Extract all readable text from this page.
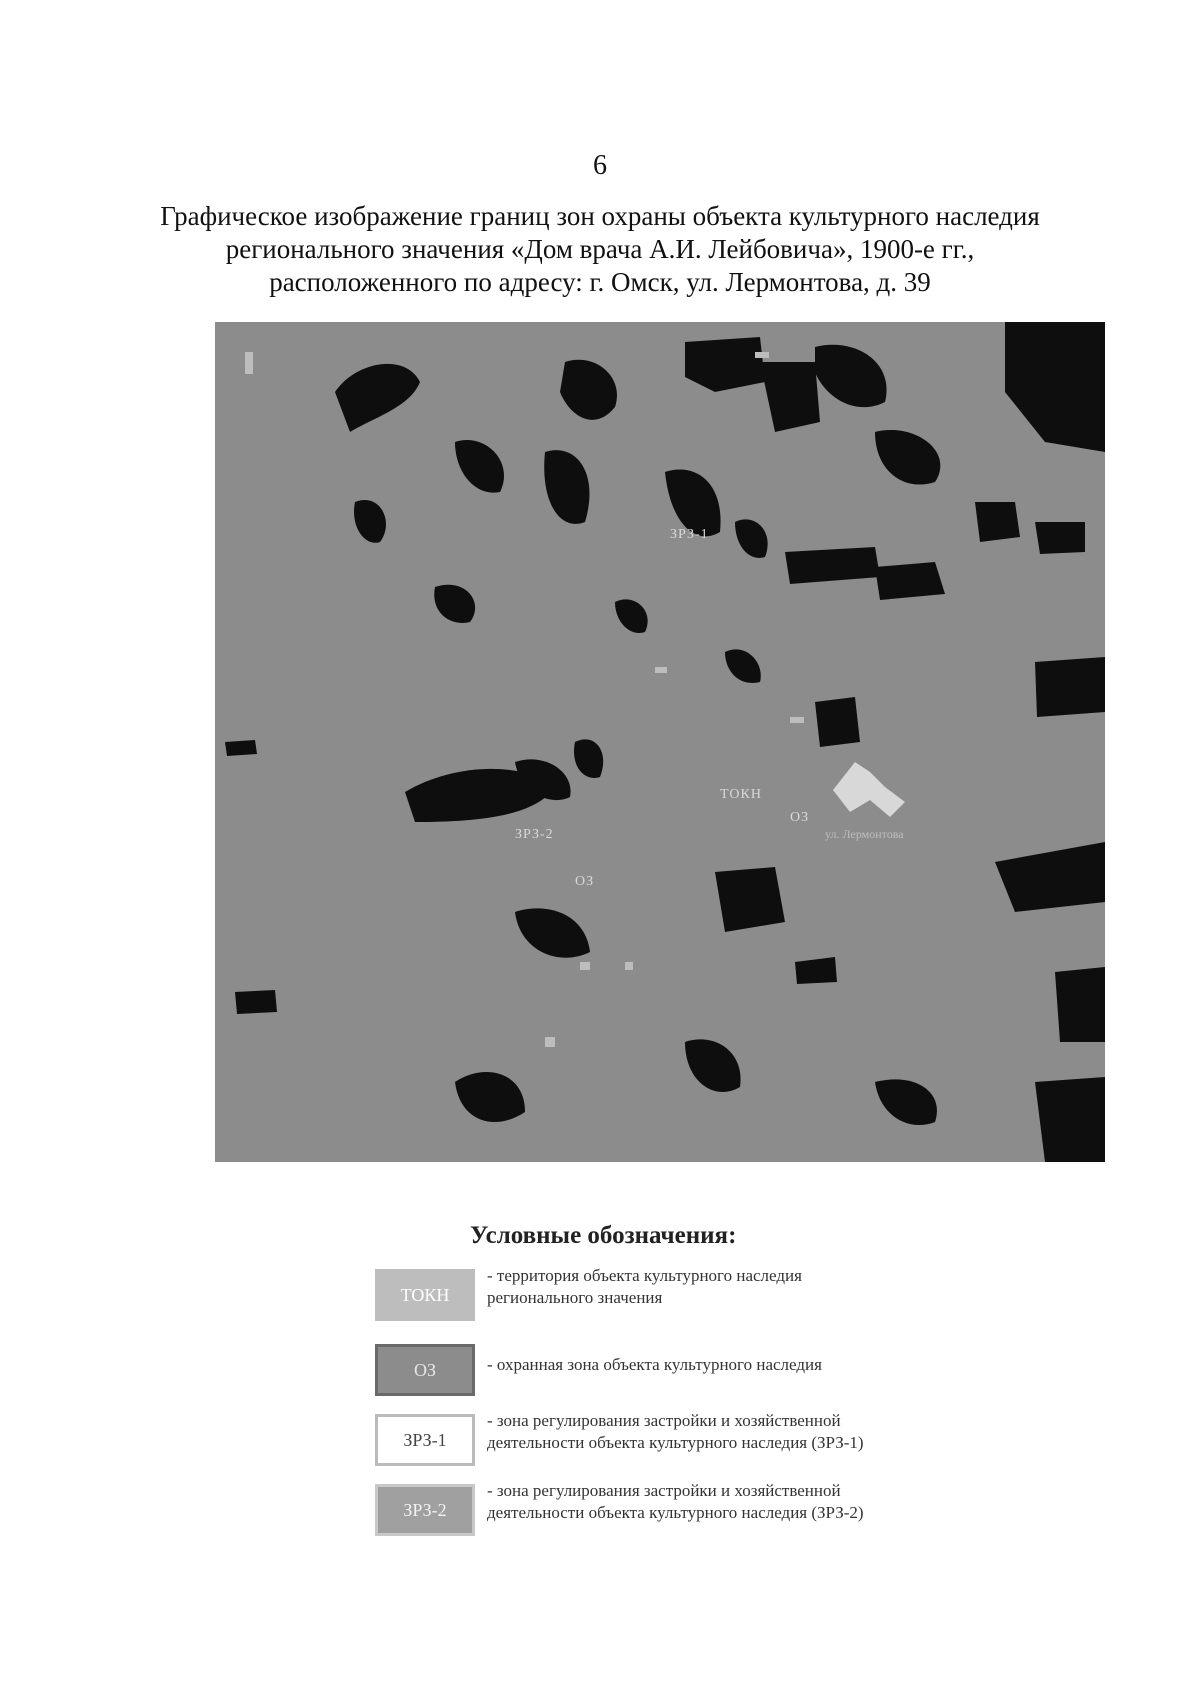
6
Графическое изображение границ зон охраны объекта культурного наследия
регионального значения «Дом врача А.И. Лейбовича», 1900-е гг.,
расположенного по адресу: г. Омск, ул. Лермонтова, д. 39
ЗРЗ-1
ЗРЗ-2
ТОКН
ОЗ
ОЗ
ул. Лермонтова
Условные обозначения:
ТОКН
- территория объекта культурного наследия
регионального значения
ОЗ	- охранная зона объекта культурного наследия
ЗРЗ-1
- зона регулирования застройки и хозяйственной
деятельности объекта культурного наследия (ЗРЗ-1)
ЗРЗ-2
- зона регулирования застройки и хозяйственной
деятельности объекта культурного наследия (ЗРЗ-2)
